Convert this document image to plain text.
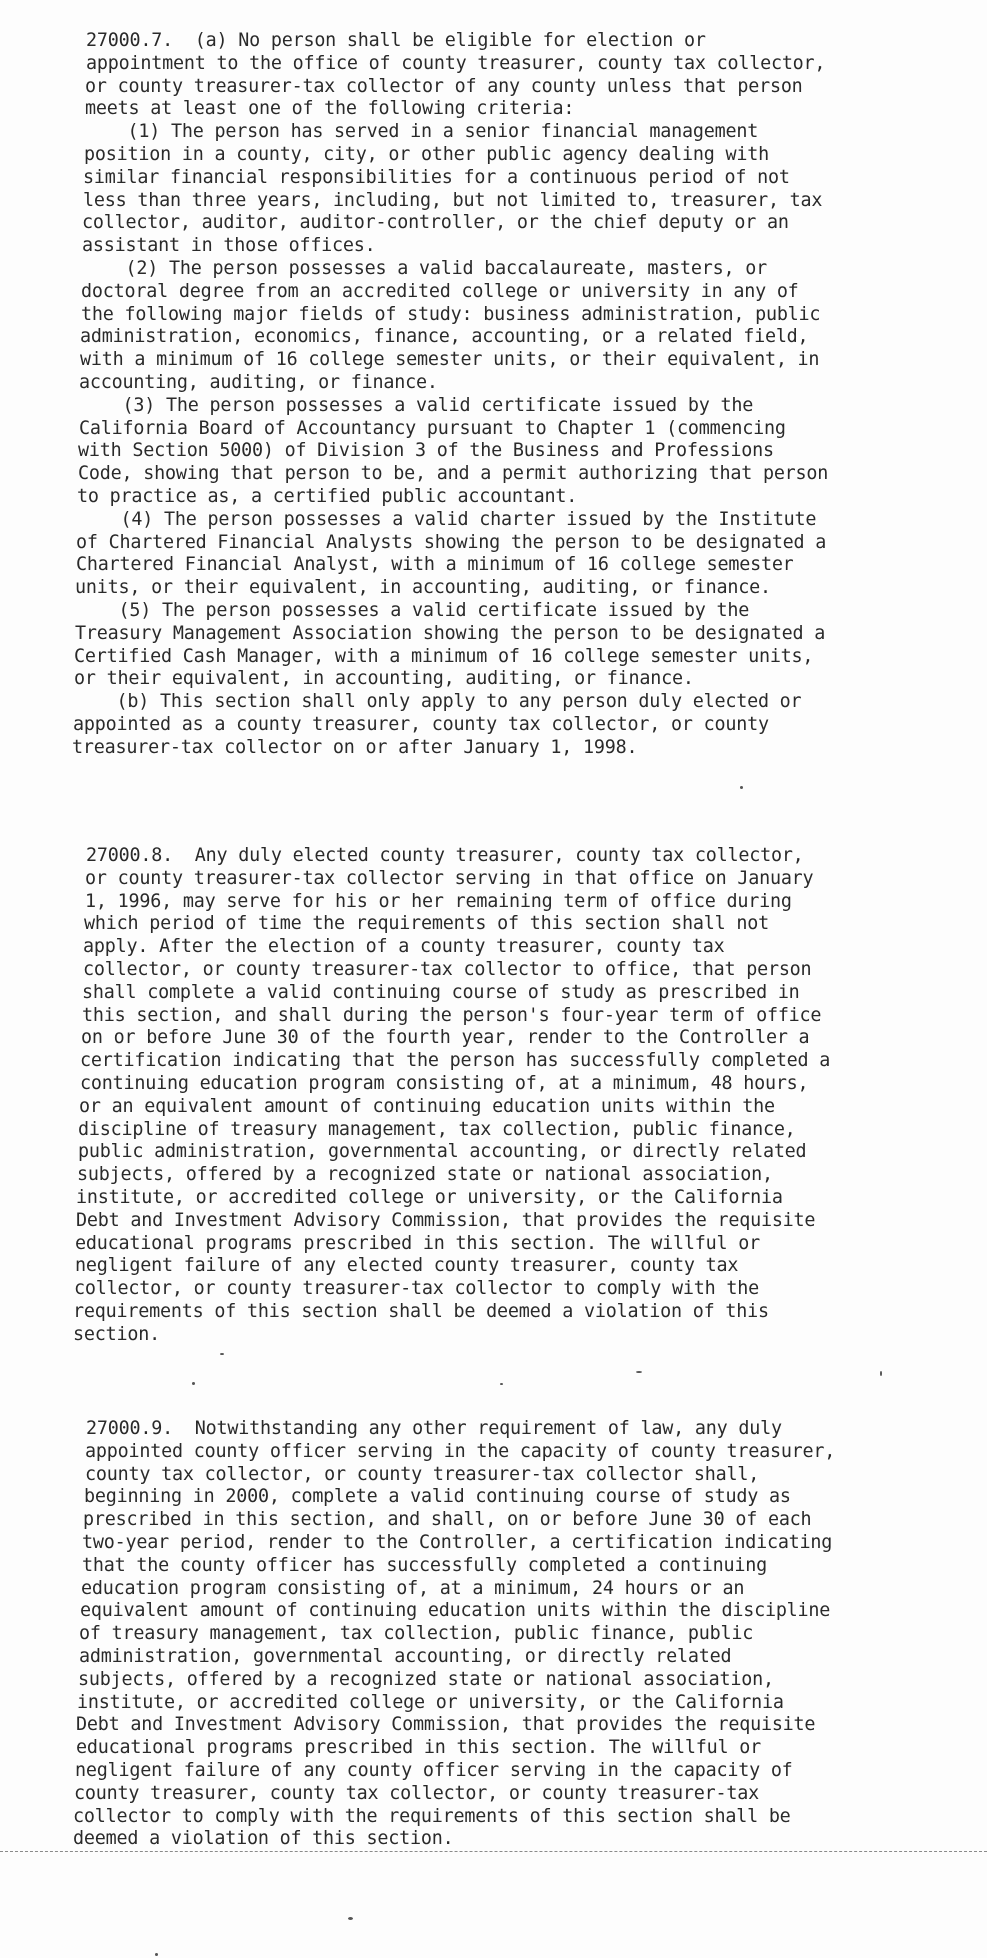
27000.7.  (a) No person shall be eligible for election or
appointment to the office of county treasurer, county tax collector,
or county treasurer-tax collector of any county unless that person
meets at least one of the following criteria:
(1) The person has served in a senior financial management
position in a county, city, or other public agency dealing with
similar financial responsibilities for a continuous period of not
less than three years, including, but not limited to, treasurer, tax
collector, auditor, auditor-controller, or the chief deputy or an
assistant in those offices.
(2) The person possesses a valid baccalaureate, masters, or
doctoral degree from an accredited college or university in any of
the following major fields of study: business administration, public
administration, economics, finance, accounting, or a related field,
with a minimum of 16 college semester units, or their equivalent, in
accounting, auditing, or finance.
(3) The person possesses a valid certificate issued by the
California Board of Accountancy pursuant to Chapter 1 (commencing
with Section 5000) of Division 3 of the Business and Professions
Code, showing that person to be, and a permit authorizing that person
to practice as, a certified public accountant.
(4) The person possesses a valid charter issued by the Institute
of Chartered Financial Analysts showing the person to be designated a
Chartered Financial Analyst, with a minimum of 16 college semester
units, or their equivalent, in accounting, auditing, or finance.
(5) The person possesses a valid certificate issued by the
Treasury Management Association showing the person to be designated a
Certified Cash Manager, with a minimum of 16 college semester units,
or their equivalent, in accounting, auditing, or finance.
(b) This section shall only apply to any person duly elected or
appointed as a county treasurer, county tax collector, or county
treasurer-tax collector on or after January 1, 1998.
27000.8.  Any duly elected county treasurer, county tax collector,
or county treasurer-tax collector serving in that office on January
1, 1996, may serve for his or her remaining term of office during
which period of time the requirements of this section shall not
apply. After the election of a county treasurer, county tax
collector, or county treasurer-tax collector to office, that person
shall complete a valid continuing course of study as prescribed in
this section, and shall during the person's four-year term of office
on or before June 30 of the fourth year, render to the Controller a
certification indicating that the person has successfully completed a
continuing education program consisting of, at a minimum, 48 hours,
or an equivalent amount of continuing education units within the
discipline of treasury management, tax collection, public finance,
public administration, governmental accounting, or directly related
subjects, offered by a recognized state or national association,
institute, or accredited college or university, or the California
Debt and Investment Advisory Commission, that provides the requisite
educational programs prescribed in this section. The willful or
negligent failure of any elected county treasurer, county tax
collector, or county treasurer-tax collector to comply with the
requirements of this section shall be deemed a violation of this
section.
27000.9.  Notwithstanding any other requirement of law, any duly
appointed county officer serving in the capacity of county treasurer,
county tax collector, or county treasurer-tax collector shall,
beginning in 2000, complete a valid continuing course of study as
prescribed in this section, and shall, on or before June 30 of each
two-year period, render to the Controller, a certification indicating
that the county officer has successfully completed a continuing
education program consisting of, at a minimum, 24 hours or an
equivalent amount of continuing education units within the discipline
of treasury management, tax collection, public finance, public
administration, governmental accounting, or directly related
subjects, offered by a recognized state or national association,
institute, or accredited college or university, or the California
Debt and Investment Advisory Commission, that provides the requisite
educational programs prescribed in this section. The willful or
negligent failure of any county officer serving in the capacity of
county treasurer, county tax collector, or county treasurer-tax
collector to comply with the requirements of this section shall be
deemed a violation of this section.
